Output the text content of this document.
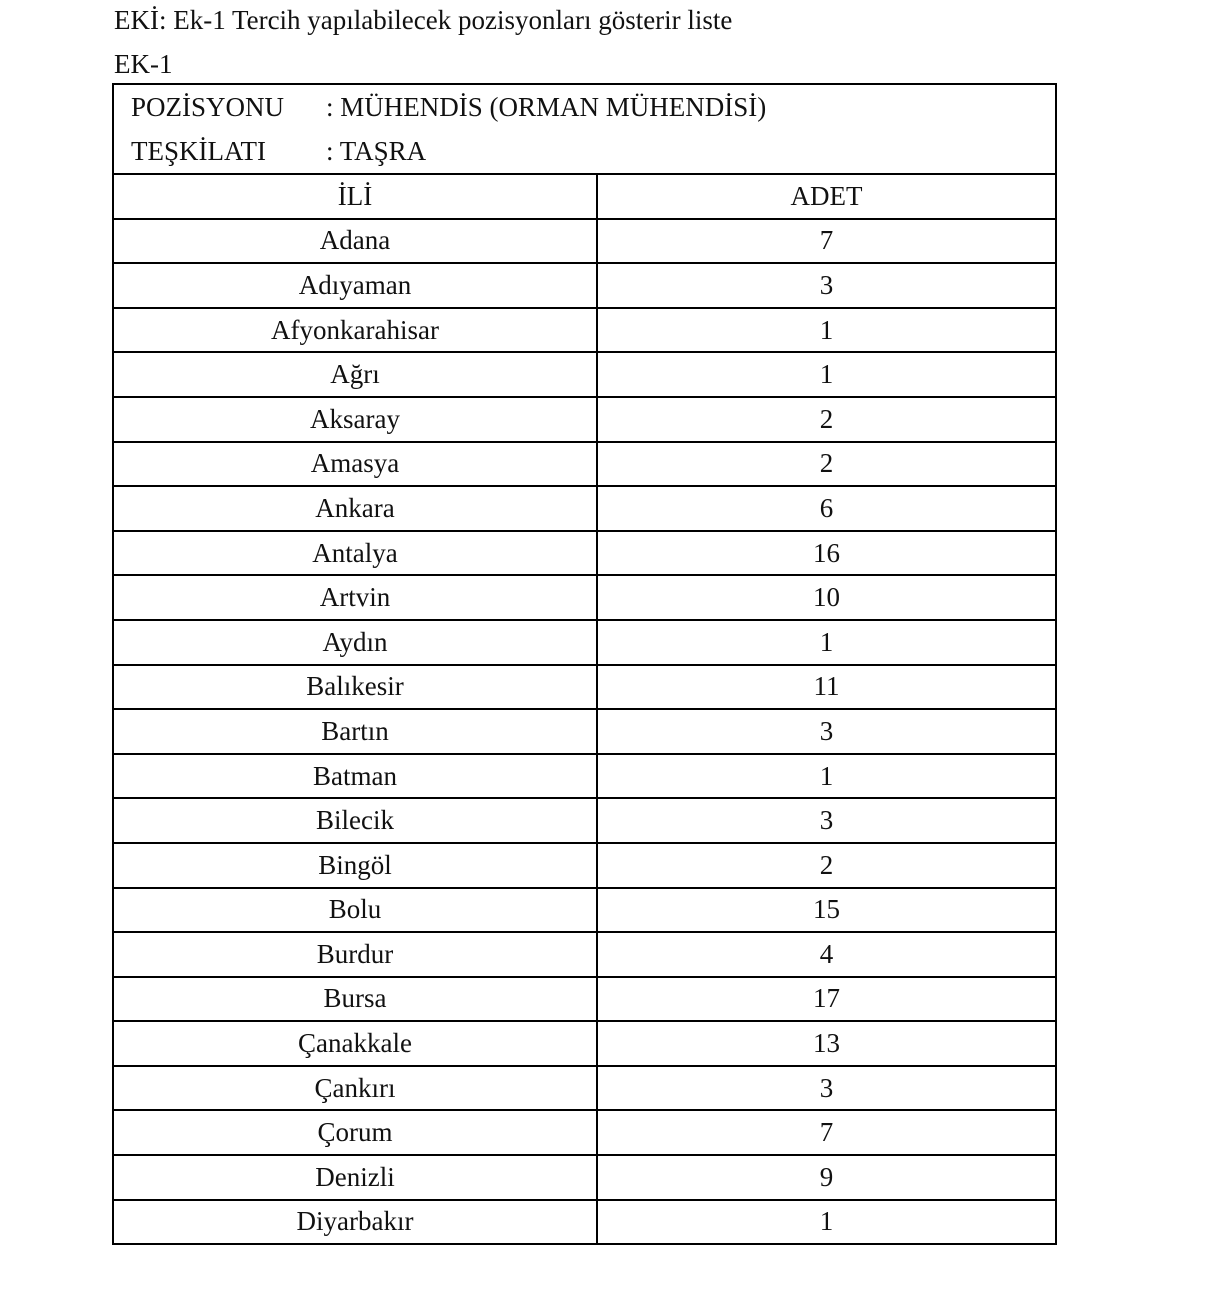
EKİ: Ek-1 Tercih yapılabilecek pozisyonları gösterir liste
EK-1
POZİSYONU : MÜHENDİS (ORMAN MÜHENDİSİ)
TEŞKİLATI : TAŞRA	

İLİ	ADET
Adana	7
Adıyaman	3
Afyonkarahisar	1
Ağrı	1
Aksaray	2
Amasya	2
Ankara	6
Antalya	16
Artvin	10
Aydın	1
Balıkesir	11
Bartın	3
Batman	1
Bilecik	3
Bingöl	2
Bolu	15
Burdur	4
Bursa	17
Çanakkale	13
Çankırı	3
Çorum	7
Denizli	9
Diyarbakır	1
